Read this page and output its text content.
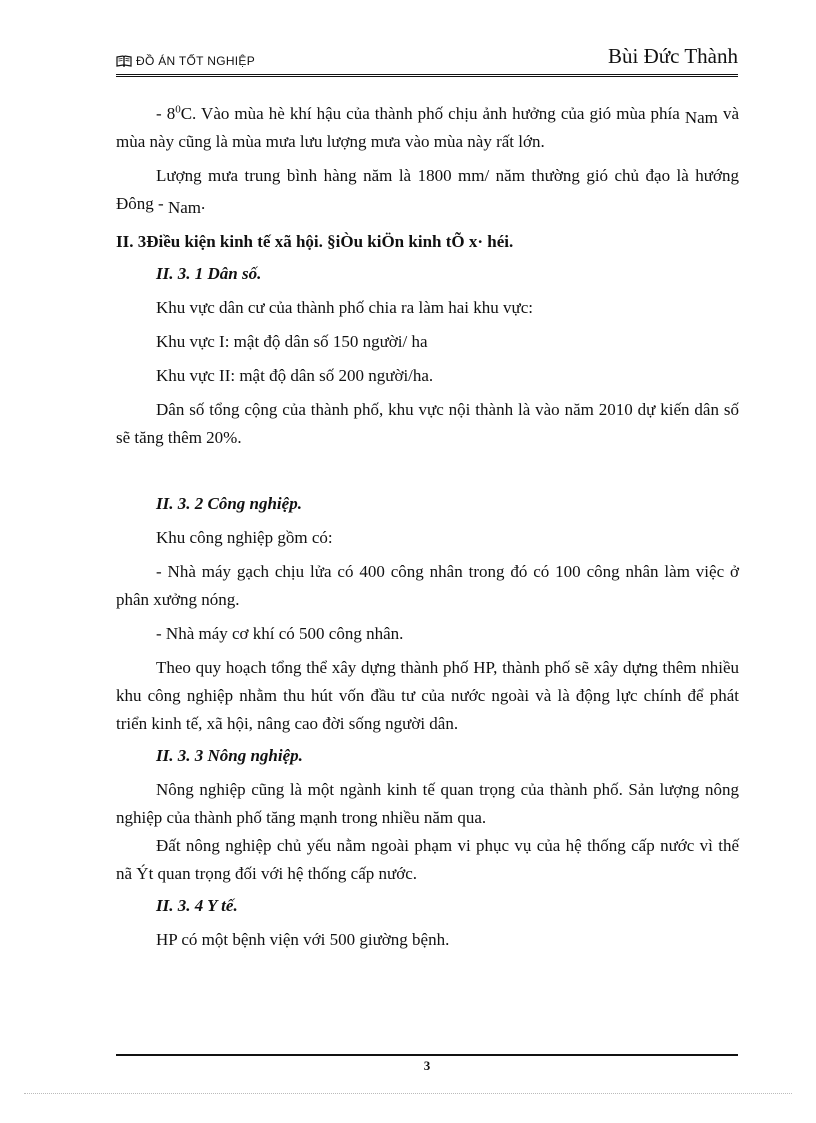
ĐỒ ÁN TỐT NGHIỆP	Bùi Đức Thành

- $8^0C$. Vào mùa hè khí hậu của thành phố chịu ảnh hưởng của gió mùa phía Nam và mùa này cũng là mùa mưa lưu lượng mưa vào mùa này rất lớn.

Lượng mưa trung bình hàng năm là 1800 mm/ năm thường gió chủ đạo là hướng Đông - Nam.

II. 3Điều kiện kinh tế xã hội. §iÒu kiÖn kinh tÕ x· héi.

II. 3. 1 Dân số.

Khu vực dân cư của thành phố chia ra làm hai khu vực:

Khu vực I: mật độ dân số 150 người/ ha

Khu vực II: mật độ dân số 200 người/ha.

Dân số tổng cộng của thành phố, khu vực nội thành là vào năm 2010 dự kiến dân số sẽ tăng thêm 20%.

II. 3. 2 Công nghiệp.

Khu công nghiệp gồm có:

- Nhà máy gạch chịu lửa có 400 công nhân trong đó có 100 công nhân làm việc ở phân xưởng nóng.

- Nhà máy cơ khí có 500 công nhân.

Theo quy hoạch tổng thể xây dựng thành phố HP, thành phố sẽ xây dựng thêm nhiều khu công nghiệp nhằm thu hút vốn đầu tư của nước ngoài và là động lực chính để phát triển kinh tế, xã hội, nâng cao đời sống người dân.

II. 3. 3 Nông nghiệp.

Nông nghiệp cũng là một ngành kinh tế quan trọng của thành phố. Sản lượng nông nghiệp của thành phố tăng mạnh trong nhiều năm qua.

Đất nông nghiệp chủ yếu nằm ngoài phạm vi phục vụ của hệ thống cấp nước vì thế nã Ýt quan trọng đối với hệ thống cấp nước.

II. 3. 4 Y tế.

HP có một bệnh viện với 500 giường bệnh.

3
